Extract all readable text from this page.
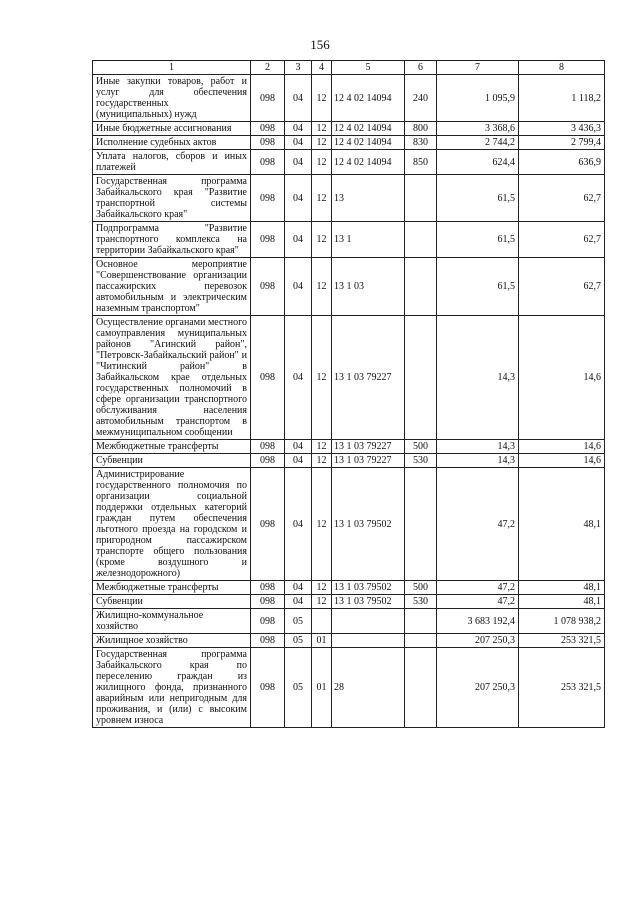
156
1	2	3	4	5	6	7	8
Иные закупки товаров, работ и услуг для обеспечения государственных (муниципальных) нужд	098	04	12	12 4 02 14094	240	1 095,9	1 118,2
Иные бюджетные ассигнования	098	04	12	12 4 02 14094	800	3 368,6	3 436,3
Исполнение судебных актов	098	04	12	12 4 02 14094	830	2 744,2	2 799,4
Уплата налогов, сборов и иных платежей	098	04	12	12 4 02 14094	850	624,4	636,9
Государственная программа Забайкальского края "Развитие транспортной системы Забайкальского края"	098	04	12	13		61,5	62,7
Подпрограмма "Развитие транспортного комплекса на территории Забайкальского края"	098	04	12	13 1		61,5	62,7
Основное мероприятие "Совершенствование организации пассажирских перевозок автомобильным и электрическим наземным транспортом"	098	04	12	13 1 03		61,5	62,7
Осуществление органами местного самоуправления муниципальных районов "Агинский район", "Петровск-Забайкальский район" и "Читинский район" в Забайкальском крае отдельных государственных полномочий в сфере организации транспортного обслуживания населения автомобильным транспортом в межмуниципальном сообщении	098	04	12	13 1 03 79227		14,3	14,6
Межбюджетные трансферты	098	04	12	13 1 03 79227	500	14,3	14,6
Субвенции	098	04	12	13 1 03 79227	530	14,3	14,6
Администрирование государственного полномочия по организации социальной поддержки отдельных категорий граждан путем обеспечения льготного проезда на городском и пригородном пассажирском транспорте общего пользования (кроме воздушного и железнодорожного)	098	04	12	13 1 03 79502		47,2	48,1
Межбюджетные трансферты	098	04	12	13 1 03 79502	500	47,2	48,1
Субвенции	098	04	12	13 1 03 79502	530	47,2	48,1
Жилищно-коммунальное хозяйство	098	05				3 683 192,4	1 078 938,2
Жилищное хозяйство	098	05	01			207 250,3	253 321,5
Государственная программа Забайкальского края по переселению граждан из жилищного фонда, признанного аварийным или непригодным для проживания, и (или) с высоким уровнем износа	098	05	01	28		207 250,3	253 321,5
